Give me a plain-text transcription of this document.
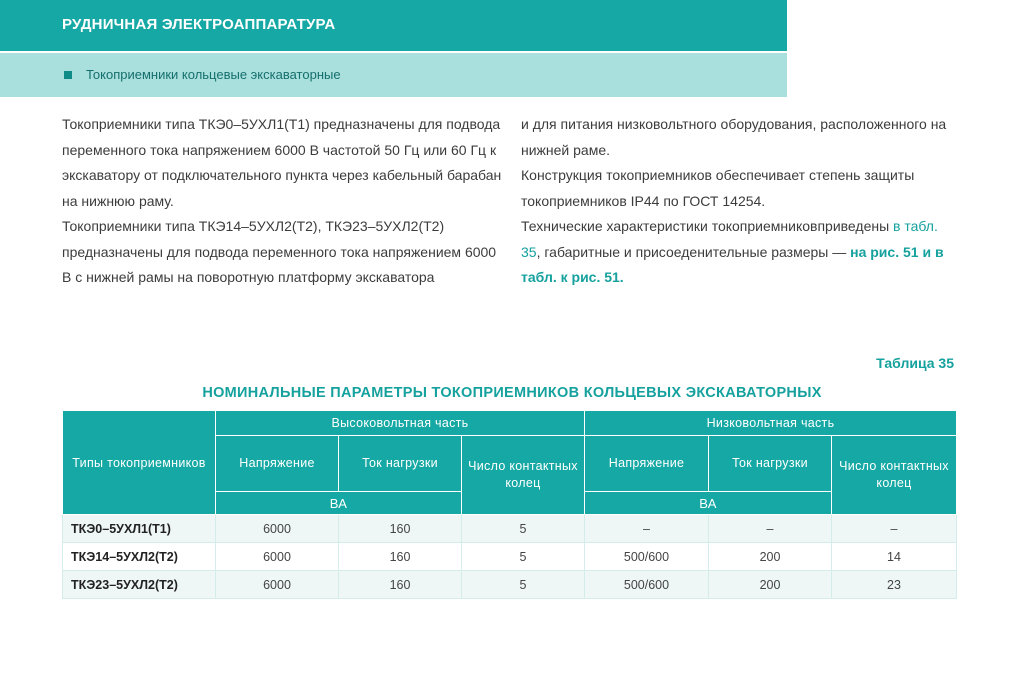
РУДНИЧНАЯ ЭЛЕКТРОАППАРАТУРА
Токоприемники кольцевые экскаваторные

Токоприемники типа ТКЭ0–5УХЛ1(Т1) предназначены для подвода переменного тока напряжением 6000 В частотой 50 Гц или 60 Гц к экскаватору от подключательного пункта через кабельный барабан на нижнюю раму.

Токоприемники типа ТКЭ14–5УХЛ2(Т2), ТКЭ23–5УХЛ2(Т2) предназначены для подвода переменного тока напряжением 6000 В с нижней рамы на поворотную платформу экскаватора

и для питания низковольтного оборудования, расположенного на нижней раме.

Конструкция токоприемников обеспечивает степень защиты токоприемников IP44 по ГОСТ 14254.

Технические характеристики токоприемниковприведены в табл. 35, габаритные и присоеденительные размеры — на рис. 51 и в табл. к рис. 51.

Таблица 35
НОМИНАЛЬНЫЕ ПАРАМЕТРЫ ТОКОПРИЕМНИКОВ КОЛЬЦЕВЫХ ЭКСКАВАТОРНЫХ
Типы токоприемников	Высоковольтная часть			Низковольтная часть		
	Напряжение	Ток нагрузки	Число контактных колец	Напряжение	Ток нагрузки	Число контактных колец
	ВА			ВА		
ТКЭ0–5УХЛ1(Т1)	6000	160	5	–	–	–
ТКЭ14–5УХЛ2(Т2)	6000	160	5	500/600	200	14
ТКЭ23–5УХЛ2(Т2)	6000	160	5	500/600	200	23
